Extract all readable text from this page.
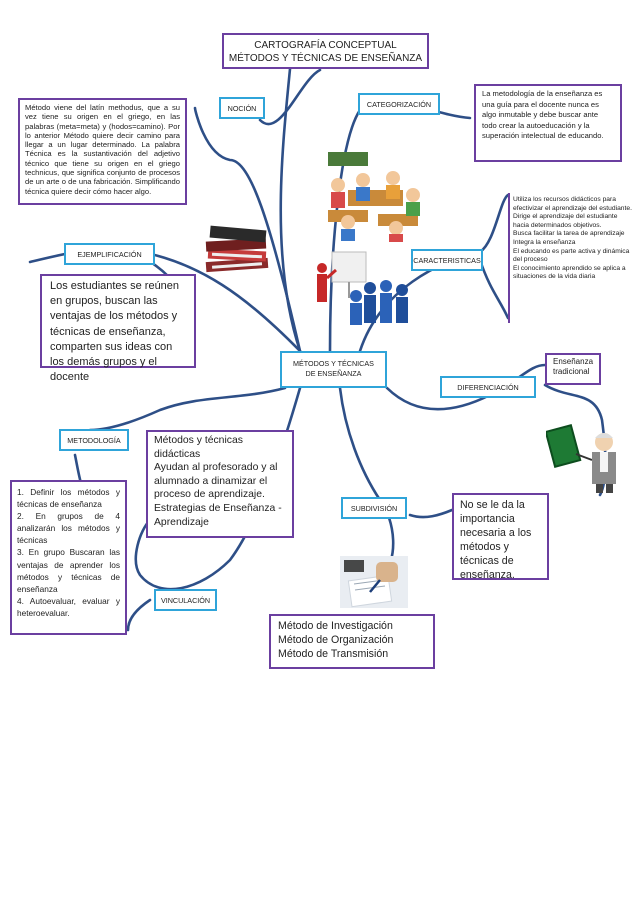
CARTOGRAFÍA CONCEPTUAL
MÉTODOS Y TÉCNICAS DE ENSEÑANZA
NOCIÓN
Método viene del latín methodus, que a su vez tiene su origen en el griego, en las palabras (meta=meta) y (hodos=camino). Por lo anterior Método quiere decir camino para llegar a un lugar determinado. La palabra Técnica es la sustantivación del adjetivo técnico que tiene su origen en el griego technicus, que significa conjunto de procesos de un arte o de una fabricación. Simplificando técnica quiere decir cómo hacer algo.
CATEGORIZACIÓN
La metodología de la enseñanza es una guía para el docente nunca es algo inmutable y debe buscar ante todo crear la autoeducación y la superación intelectual de educando.
CARACTERISTICAS
Utiliza los recursos didácticos para efectivizar el aprendizaje del estudiante.
Dirige el aprendizaje del estudiante hacia determinados objetivos.
Busca facilitar la tarea de aprendizaje
Integra la enseñanza
El educando es parte activa y dinámica del proceso
El conocimiento aprendido se aplica a situaciones de la vida diaria
EJEMPLIFICACIÓN
Los estudiantes se reúnen en grupos, buscan las ventajas de los métodos y técnicas de enseñanza, comparten sus ideas con los demás grupos y el docente
MÉTODOS Y TÉCNICAS
DE ENSEÑANZA
DIFERENCIACIÓN
Enseñanza tradicional
No se le da la importancia necesaria a los métodos y técnicas de enseñanza.
METODOLOGÍA
1. Definir los métodos y técnicas de enseñanza
2. En grupos de 4 analizarán los métodos y técnicas
3. En grupo Buscaran las ventajas de aprender los métodos y técnicas de enseñanza
4. Autoevaluar, evaluar y heteroevaluar.
Métodos y técnicas didácticas
Ayudan al profesorado y al alumnado a dinamizar el proceso de aprendizaje.
Estrategias de Enseñanza - Aprendizaje
VINCULACIÓN
SUBDIVISIÓN
Método de Investigación
Método de Organización
Método de Transmisión
